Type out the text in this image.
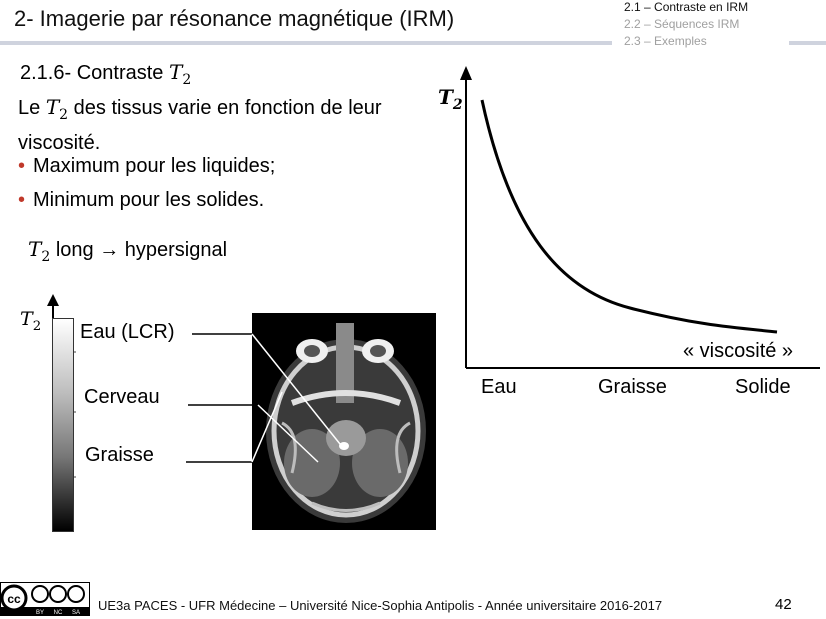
2- Imagerie par résonance magnétique (IRM)	2.1 – Contraste en IRM
2.2 – Séquences IRM
2.3 – Exemples
2.1.6- Contraste $T_2$
Le $T_2$ des tissus varie en fonction de leur viscosité.
• Maximum pour les liquides;
• Minimum pour les solides.
$T_2$ long → hypersignal
$T_2$ Eau (LCR)
Cerveau
Graisse
$T_2$
« viscosité »
Eau	Graisse	Solide
cc
BY NC SA UE3a PACES - UFR Médecine – Université Nice-Sophia Antipolis - Année universitaire 2016-2017	42
